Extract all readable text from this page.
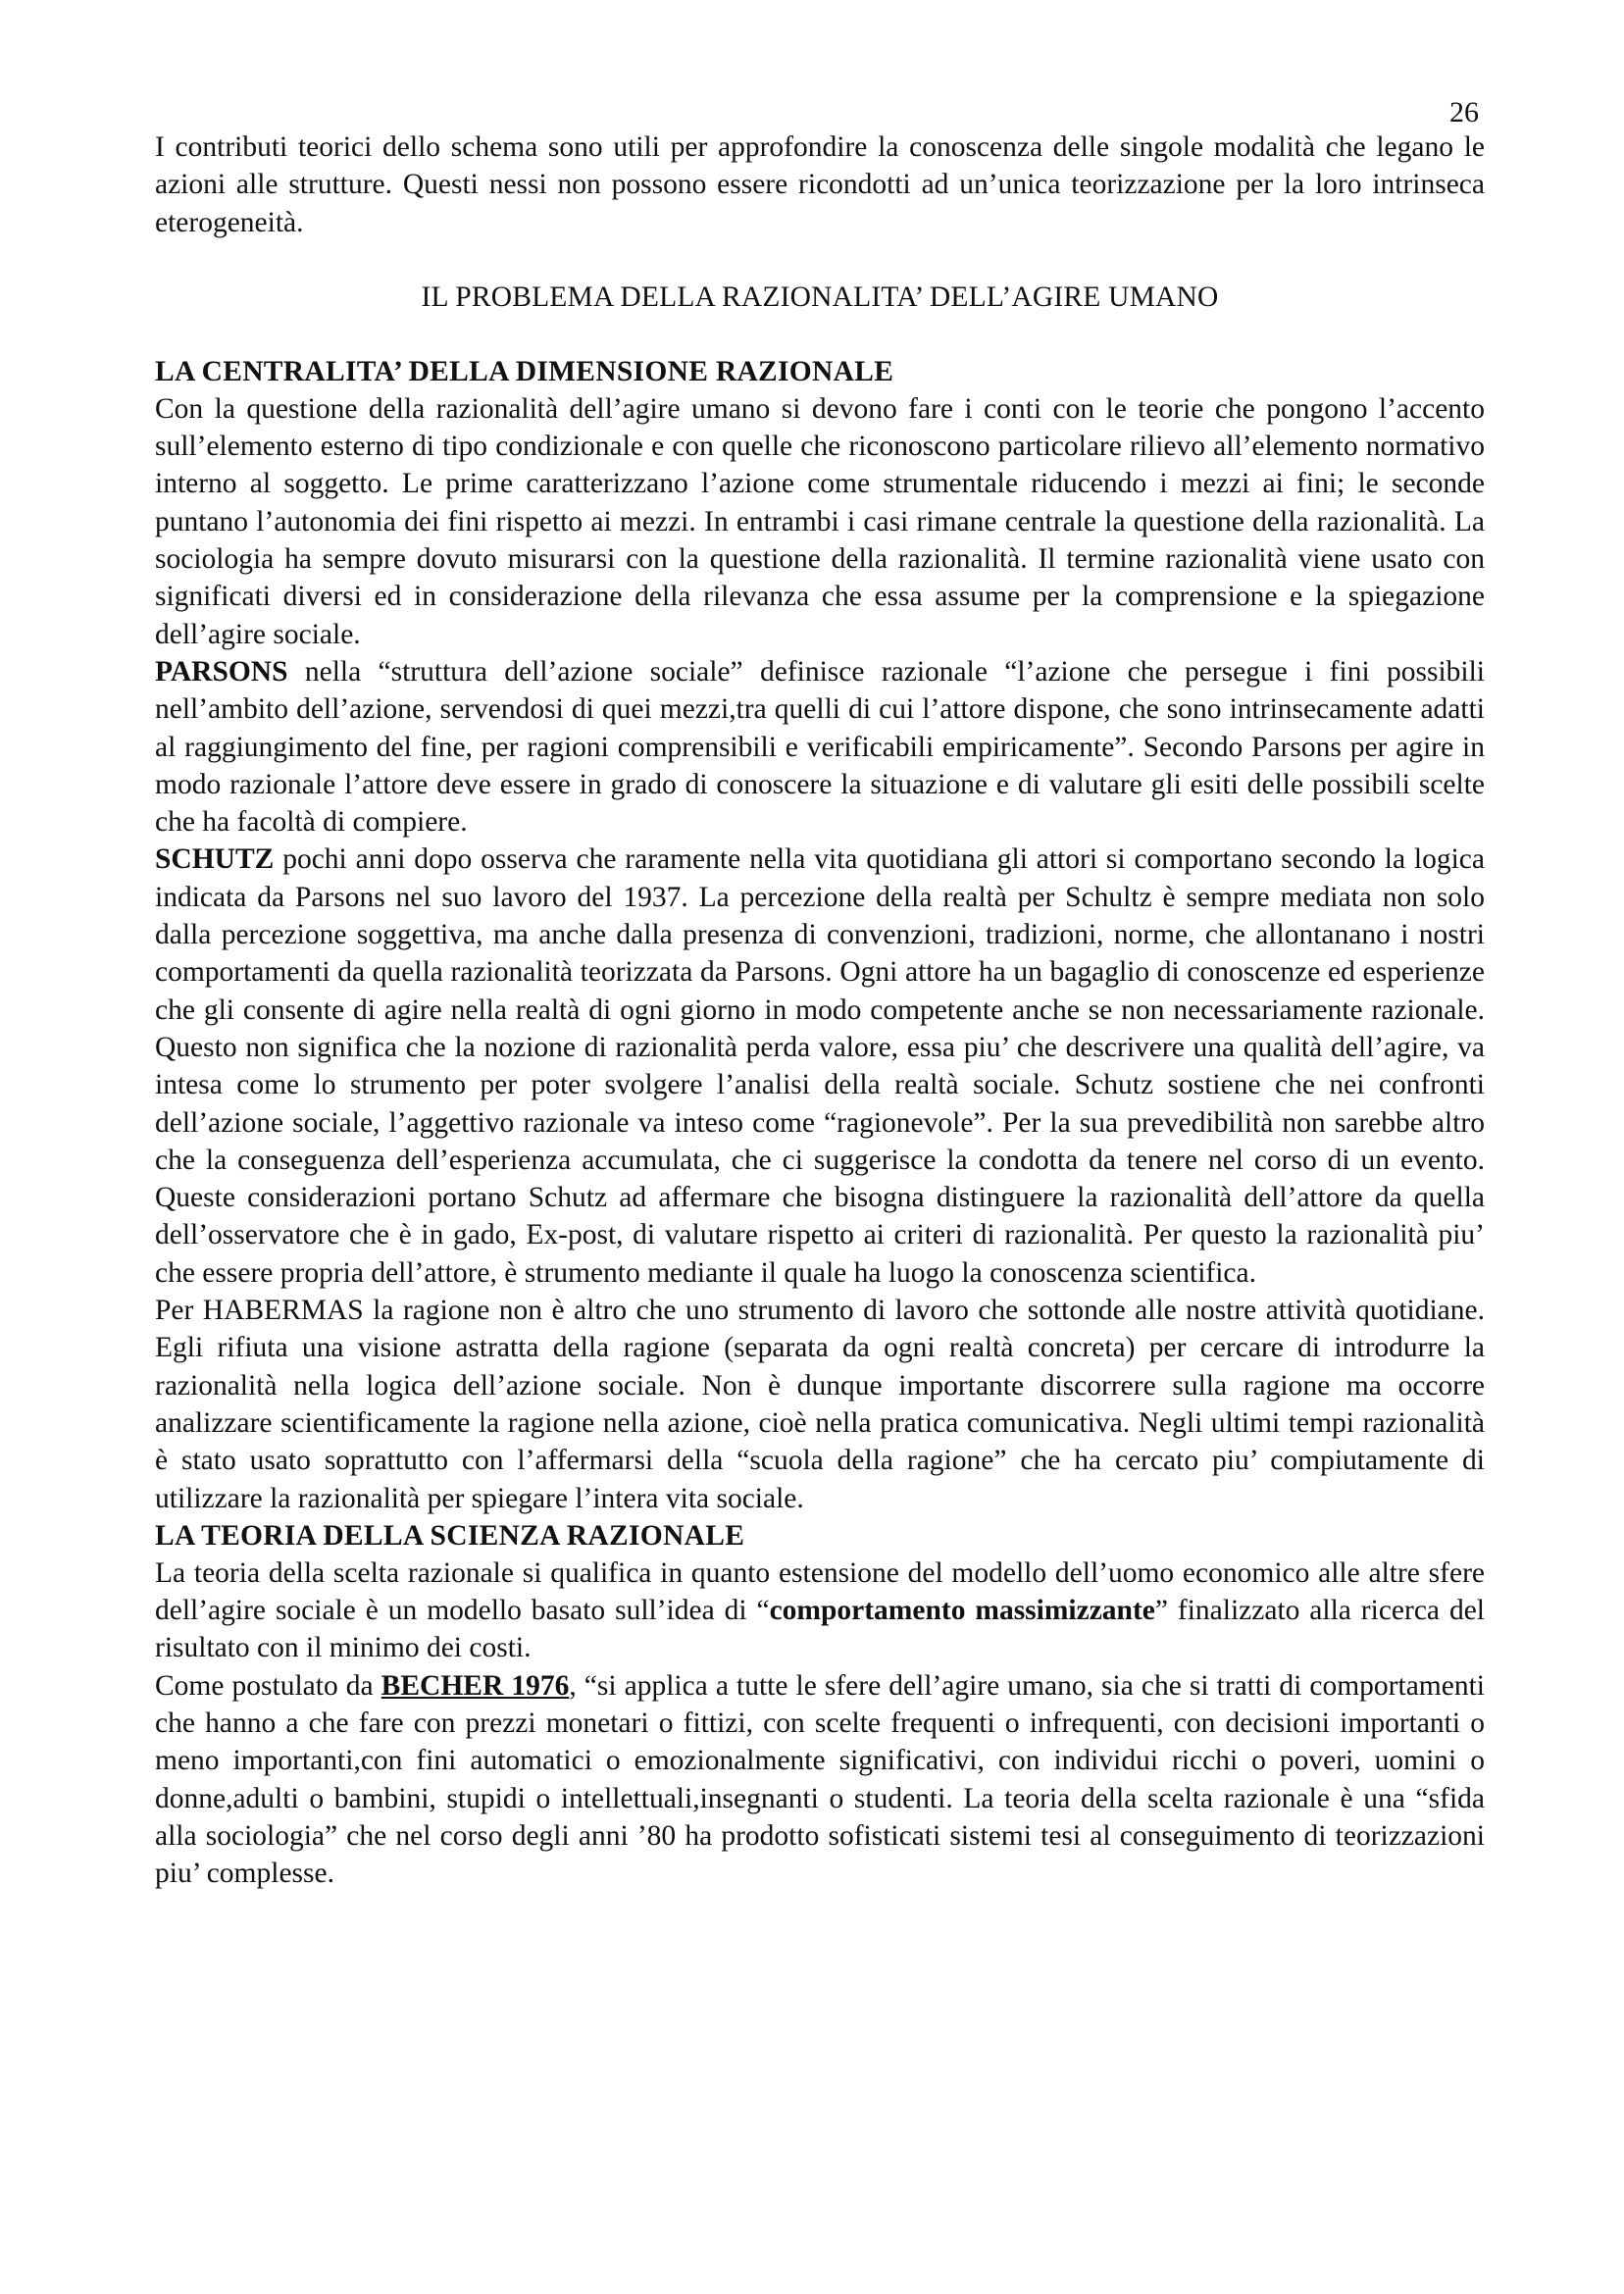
26

I contributi teorici dello schema sono utili per approfondire la conoscenza delle singole modalità che legano le azioni alle strutture. Questi nessi non possono essere ricondotti ad un’unica teorizzazione per la loro intrinseca eterogeneità.

IL PROBLEMA DELLA RAZIONALITA’ DELL’AGIRE UMANO
LA CENTRALITA’ DELLA DIMENSIONE RAZIONALE

Con la questione della razionalità dell’agire umano si devono fare i conti con le teorie che pongono l’accento sull’elemento esterno di tipo condizionale e con quelle che riconoscono particolare rilievo all’elemento normativo interno al soggetto. Le prime caratterizzano l’azione come strumentale riducendo i mezzi ai fini; le seconde puntano l’autonomia dei fini rispetto ai mezzi. In entrambi i casi rimane centrale la questione della razionalità. La sociologia ha sempre dovuto misurarsi con la questione della razionalità. Il termine razionalità viene usato con significati diversi ed in considerazione della rilevanza che essa assume per la comprensione e la spiegazione dell’agire sociale.

PARSONS nella “struttura dell’azione sociale” definisce razionale “l’azione che persegue i fini possibili nell’ambito dell’azione, servendosi di quei mezzi,tra quelli di cui l’attore dispone, che sono intrinsecamente adatti al raggiungimento del fine, per ragioni comprensibili e verificabili empiricamente”. Secondo Parsons per agire in modo razionale l’attore deve essere in grado di conoscere la situazione e di valutare gli esiti delle possibili scelte che ha facoltà di compiere.

SCHUTZ pochi anni dopo osserva che raramente nella vita quotidiana gli attori si comportano secondo la logica indicata da Parsons nel suo lavoro del 1937. La percezione della realtà per Schultz è sempre mediata non solo dalla percezione soggettiva, ma anche dalla presenza di convenzioni, tradizioni, norme, che allontanano i nostri comportamenti da quella razionalità teorizzata da Parsons. Ogni attore ha un bagaglio di conoscenze ed esperienze che gli consente di agire nella realtà di ogni giorno in modo competente anche se non necessariamente razionale. Questo non significa che la nozione di razionalità perda valore, essa piu’ che descrivere una qualità dell’agire, va intesa come lo strumento per poter svolgere l’analisi della realtà sociale. Schutz sostiene che nei confronti dell’azione sociale, l’aggettivo razionale va inteso come “ragionevole”. Per la sua prevedibilità non sarebbe altro che la conseguenza dell’esperienza accumulata, che ci suggerisce la condotta da tenere nel corso di un evento. Queste considerazioni portano Schutz ad affermare che bisogna distinguere la razionalità dell’attore da quella dell’osservatore che è in gado, Ex-post, di valutare rispetto ai criteri di razionalità. Per questo la razionalità piu’ che essere propria dell’attore, è strumento mediante il quale ha luogo la conoscenza scientifica.

Per HABERMAS la ragione non è altro che uno strumento di lavoro che sottonde alle nostre attività quotidiane. Egli rifiuta una visione astratta della ragione (separata da ogni realtà concreta) per cercare di introdurre la razionalità nella logica dell’azione sociale. Non è dunque importante discorrere sulla ragione ma occorre analizzare scientificamente la ragione nella azione, cioè nella pratica comunicativa. Negli ultimi tempi razionalità è stato usato soprattutto con l’affermarsi della “scuola della ragione” che ha cercato piu’ compiutamente di utilizzare la razionalità per spiegare l’intera vita sociale.

LA TEORIA DELLA SCIENZA RAZIONALE

La teoria della scelta razionale si qualifica in quanto estensione del modello dell’uomo economico alle altre sfere dell’agire sociale è un modello basato sull’idea di “comportamento massimizzante” finalizzato alla ricerca del risultato con il minimo dei costi.

Come postulato da BECHER 1976, “si applica a tutte le sfere dell’agire umano, sia che si tratti di comportamenti che hanno a che fare con prezzi monetari o fittizi, con scelte frequenti o infrequenti, con decisioni importanti o meno importanti,con fini automatici o emozionalmente significativi, con individui ricchi o poveri, uomini o donne,adulti o bambini, stupidi o intellettuali,insegnanti o studenti. La teoria della scelta razionale è una “sfida alla sociologia” che nel corso degli anni ’80 ha prodotto sofisticati sistemi tesi al conseguimento di teorizzazioni piu’ complesse.
